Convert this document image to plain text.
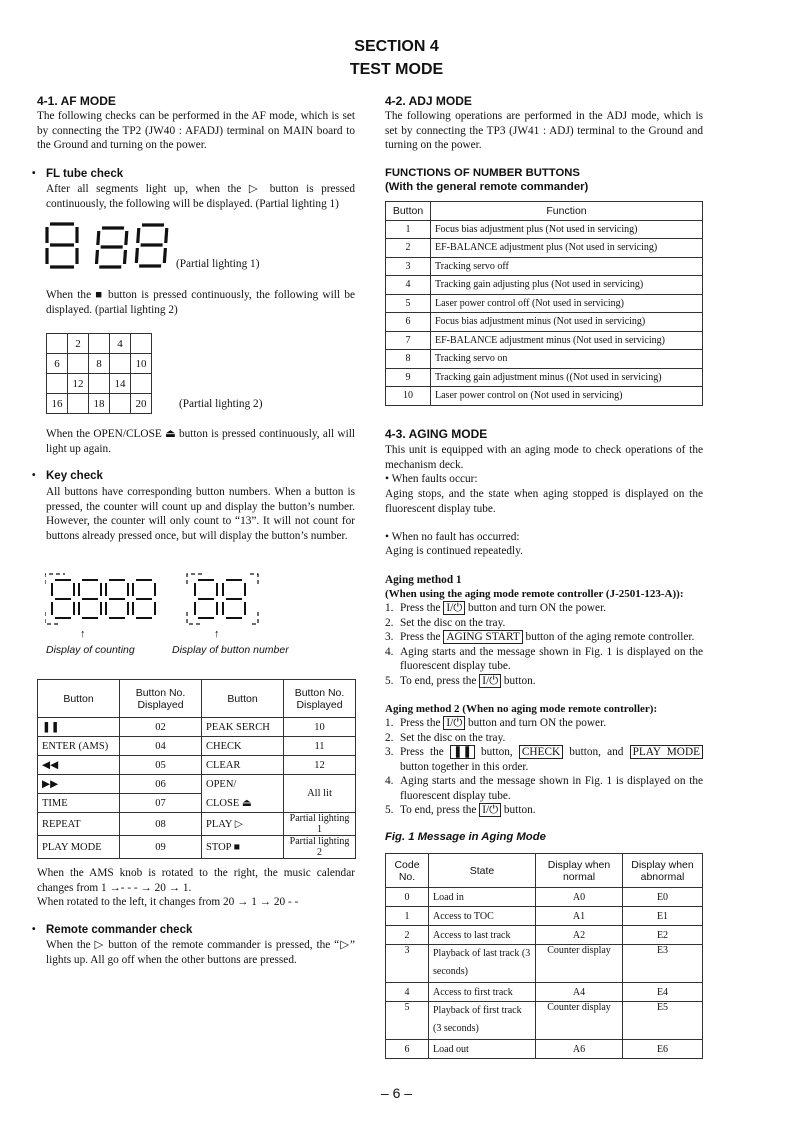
SECTION 4
TEST MODE
4-1. AF MODE
The following checks can be performed in the AF mode, which is set by connecting the TP2 (JW40 : AFADJ) terminal on MAIN board to the Ground and turning on the power.
• FL tube check
After all segments light up, when the ▷ button is pressed continuously, the following will be displayed. (Partial lighting 1)
(Partial lighting 1)
When the ■ button is pressed continuously, the following will be displayed. (partial lighting 2)
	2		4	
6		8		10
	12		14	
16		18		20	(Partial lighting 2)
When the OPEN/CLOSE ⏏ button is pressed continuously, all will light up again.
• Key check
All buttons have corresponding button numbers. When a button is pressed, the counter will count up and display the button’s number. However, the counter will only count to “13”. It will not count for buttons already pressed once, but will display the button’s number.
↑	↑
Display of counting	Display of button number
Button	Button No. Displayed	Button	Button No. Displayed
❚❚	02	PEAK SERCH	10
ENTER (AMS)	04	CHECK	11
◀◀	05	CLEAR	12
▶▶	06	OPEN/	All lit
TIME	07	CLOSE ⏏	
REPEAT	08	PLAY ▷	Partial lighting 1
PLAY MODE	09	STOP ■	Partial lighting 2
When the AMS knob is rotated to the right, the music calendar changes from 1 →- - - → 20 → 1.
When rotated to the left, it changes from 20 → 1 → 20 - -
• Remote commander check
When the ▷ button of the remote commander is pressed, the “▷” lights up. All go off when the other buttons are pressed.
4-2. ADJ MODE
The following operations are performed in the ADJ mode, which is set by connecting the TP3 (JW41 : ADJ) terminal to the Ground and turning on the power.
FUNCTIONS OF NUMBER BUTTONS
(With the general remote commander)
Button	Function
1	Focus bias adjustment plus (Not used in servicing)
2	EF-BALANCE adjustment plus (Not used in servicing)
3	Tracking servo off
4	Tracking gain adjusting plus (Not used in servicing)
5	Laser power control off (Not used in servicing)
6	Focus bias adjustment minus (Not used in servicing)
7	EF-BALANCE adjustment minus (Not used in servicing)
8	Tracking servo on
9	Tracking gain adjustment minus ((Not used in servicing)
10	Laser power control on (Not used in servicing)
4-3. AGING MODE
This unit is equipped with an aging mode to check operations of the mechanism deck.
• When faults occur:
Aging stops, and the state when aging stopped is displayed on the fluorescent display tube.
• When no fault has occurred:
Aging is continued repeatedly.
Aging method 1
(When using the aging mode remote controller (J-2501-123-A)):
1. Press the I/⏻ button and turn ON the power.
2. Set the disc on the tray.
3. Press the AGING START button of the aging remote controller.
4. Aging starts and the message shown in Fig. 1 is displayed on the fluorescent display tube.
5. To end, press the I/⏻ button.
Aging method 2 (When no aging mode remote controller):
1. Press the I/⏻ button and turn ON the power.
2. Set the disc on the tray.
3. Press the ❚❚ button, CHECK button, and PLAY MODE button together in this order.
4. Aging starts and the message shown in Fig. 1 is displayed on the fluorescent display tube.
5. To end, press the I/⏻ button.
Fig. 1 Message in Aging Mode
Code No.	State	Display when normal	Display when abnormal
0	Load in	A0	E0
1	Access to TOC	A1	E1
2	Access to last track	A2	E2
3	Playback of last track (3 seconds)	Counter display	E3
4	Access to first track	A4	E4
5	Playback of first track (3 seconds)	Counter display	E5
6	Load out	A6	E6
– 6 –
